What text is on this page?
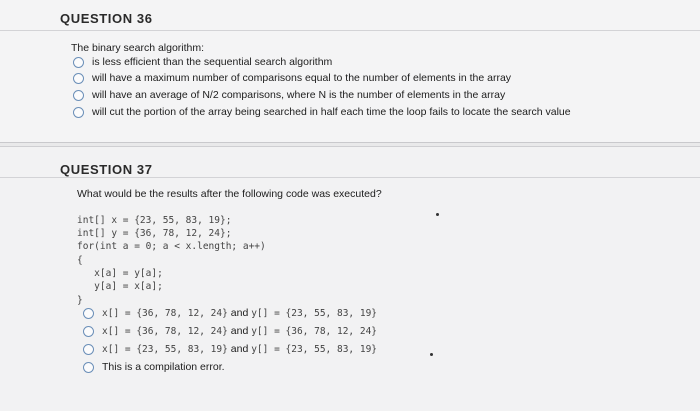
QUESTION 36
The binary search algorithm:
is less efficient than the sequential search algorithm
will have a maximum number of comparisons equal to the number of elements in the array
will have an average of N/2 comparisons, where N is the number of elements in the array
will cut the portion of the array being searched in half each time the loop fails to locate the search value
QUESTION 37
What would be the results after the following code was executed?
int[] x = {23, 55, 83, 19};
int[] y = {36, 78, 12, 24};
for(int a = 0; a < x.length; a++)
{
x[a] = y[a];
y[a] = x[a];
}
x[] = {36, 78, 12, 24} and y[] = {23, 55, 83, 19}
x[] = {36, 78, 12, 24} and y[] = {36, 78, 12, 24}
x[] = {23, 55, 83, 19} and y[] = {23, 55, 83, 19}
This is a compilation error.
